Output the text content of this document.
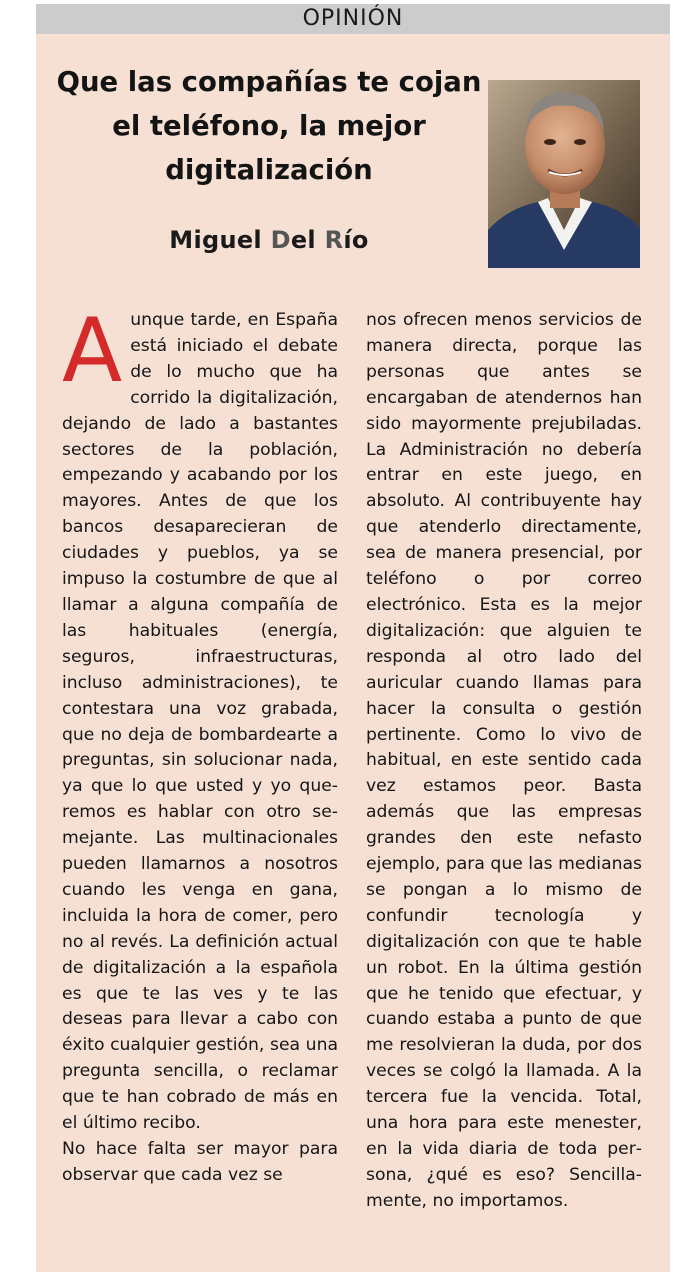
OPINIÓN
Que las compañías te cojan el teléfono, la mejor digitalización
Miguel Del Río

Aunque tarde, en España está iniciado el debate de lo mucho que ha corrido la digitalización, dejando de lado a bastantes sectores de la población, empezando y acabando por los mayores. Antes de que los bancos desaparecieran de ciudades y pueblos, ya se impuso la costumbre de que al llamar a alguna compañía de las habituales (energía, seguros, infraestructuras, incluso administraciones), te contestara una voz grabada, que no deja de bombardearte a preguntas, sin solucionar nada, ya que lo que usted y yo queremos es hablar con otro semejante. Las multinacionales pueden llamarnos a nosotros cuando les venga en gana, incluida la hora de comer, pero no al revés. La definición actual de digitalización a la española es que te las ves y te las deseas para llevar a cabo con éxito cualquier gestión, sea una pregunta sencilla, o reclamar que te han cobrado de más en el último recibo.

No hace falta ser mayor para observar que cada vez se

nos ofrecen menos servicios de manera directa, porque las personas que antes se encargaban de atendernos han sido mayormente prejubiladas. La Administración no debería entrar en este juego, en absoluto. Al contribuyente hay que atenderlo directamente, sea de manera presencial, por teléfono o por correo electrónico. Esta es la mejor digitalización: que alguien te responda al otro lado del auricular cuando llamas para hacer la consulta o gestión pertinente. Como lo vivo de habitual, en este sentido cada vez estamos peor. Basta además que las empresas grandes den este nefasto ejemplo, para que las medianas se pongan a lo mismo de confundir tecnología y digitalización con que te hable un robot. En la última gestión que he tenido que efectuar, y cuando estaba a punto de que me resolvieran la duda, por dos veces se colgó la llamada. A la tercera fue la vencida. Total, una hora para este menester, en la vida diaria de toda persona, ¿qué es eso? Sencillamente, no importamos.
